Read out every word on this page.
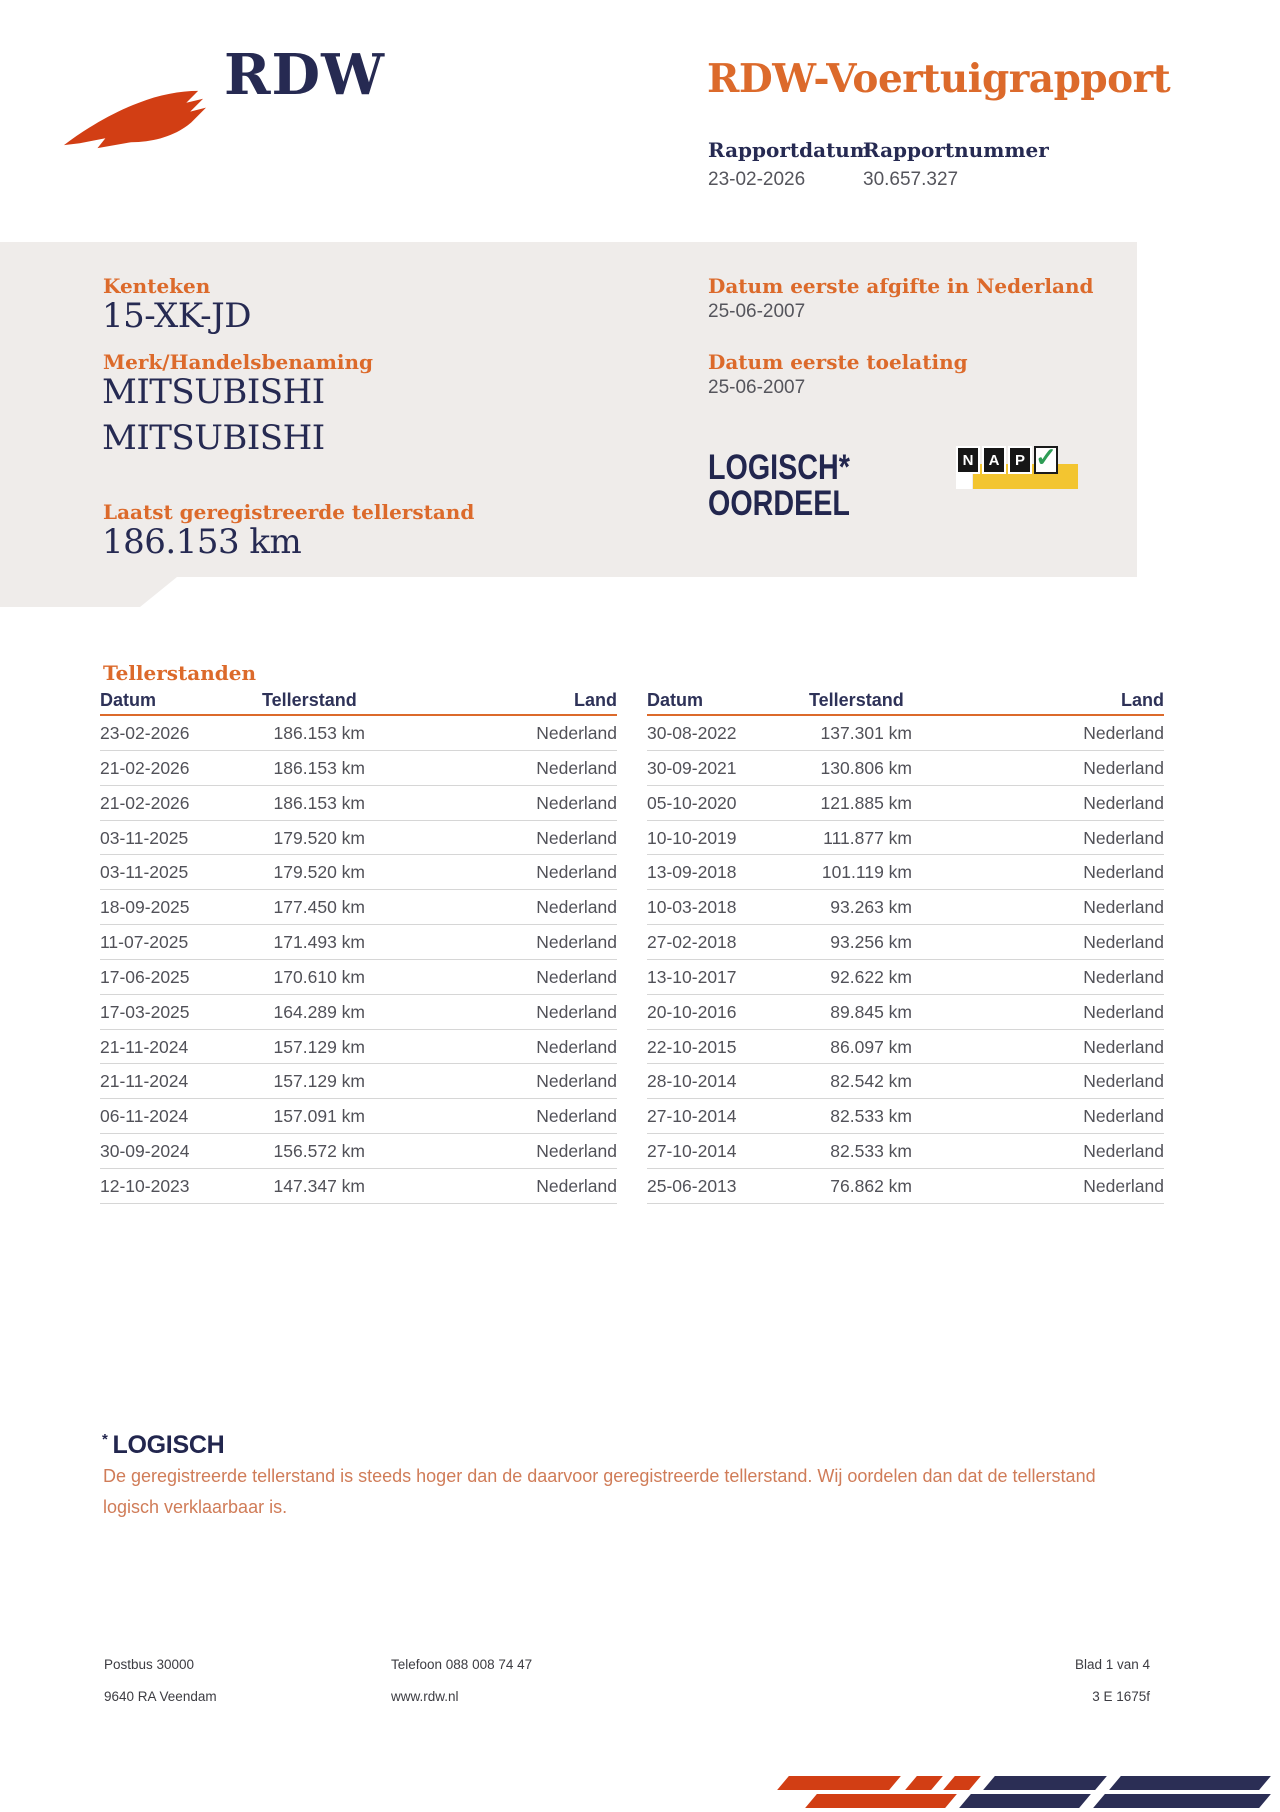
RDW	RDW-Voertuigrapport
Rapportdatum
23-02-2026
Rapportnummer
30.657.327
Kenteken
15-XK-JD
Merk/Handelsbenaming
MITSUBISHI
MITSUBISHI
Laatst geregistreerde tellerstand
186.153 km
Datum eerste afgifte in Nederland
25-06-2007
Datum eerste toelating
25-06-2007
LOGISCH*
OORDEEL
N	A	P ✓
Tellerstanden
Datum	Tellerstand	Land
23-02-2026	186.153 km	Nederland
21-02-2026	186.153 km	Nederland
21-02-2026	186.153 km	Nederland
03-11-2025	179.520 km	Nederland
03-11-2025	179.520 km	Nederland
18-09-2025	177.450 km	Nederland
11-07-2025	171.493 km	Nederland
17-06-2025	170.610 km	Nederland
17-03-2025	164.289 km	Nederland
21-11-2024	157.129 km	Nederland
21-11-2024	157.129 km	Nederland
06-11-2024	157.091 km	Nederland
30-09-2024	156.572 km	Nederland
12-10-2023	147.347 km	Nederland
Datum	Tellerstand	Land
30-08-2022	137.301 km	Nederland
30-09-2021	130.806 km	Nederland
05-10-2020	121.885 km	Nederland
10-10-2019	111.877 km	Nederland
13-09-2018	101.119 km	Nederland
10-03-2018	93.263 km	Nederland
27-02-2018	93.256 km	Nederland
13-10-2017	92.622 km	Nederland
20-10-2016	89.845 km	Nederland
22-10-2015	86.097 km	Nederland
28-10-2014	82.542 km	Nederland
27-10-2014	82.533 km	Nederland
27-10-2014	82.533 km	Nederland
25-06-2013	76.862 km	Nederland
* LOGISCH
De geregistreerde tellerstand is steeds hoger dan de daarvoor geregistreerde tellerstand. Wij oordelen dan dat de tellerstand logisch verklaarbaar is.
Postbus 30000
9640 RA Veendam
Telefoon 088 008 74 47
www.rdw.nl
Blad 1 van 4
3 E 1675f
